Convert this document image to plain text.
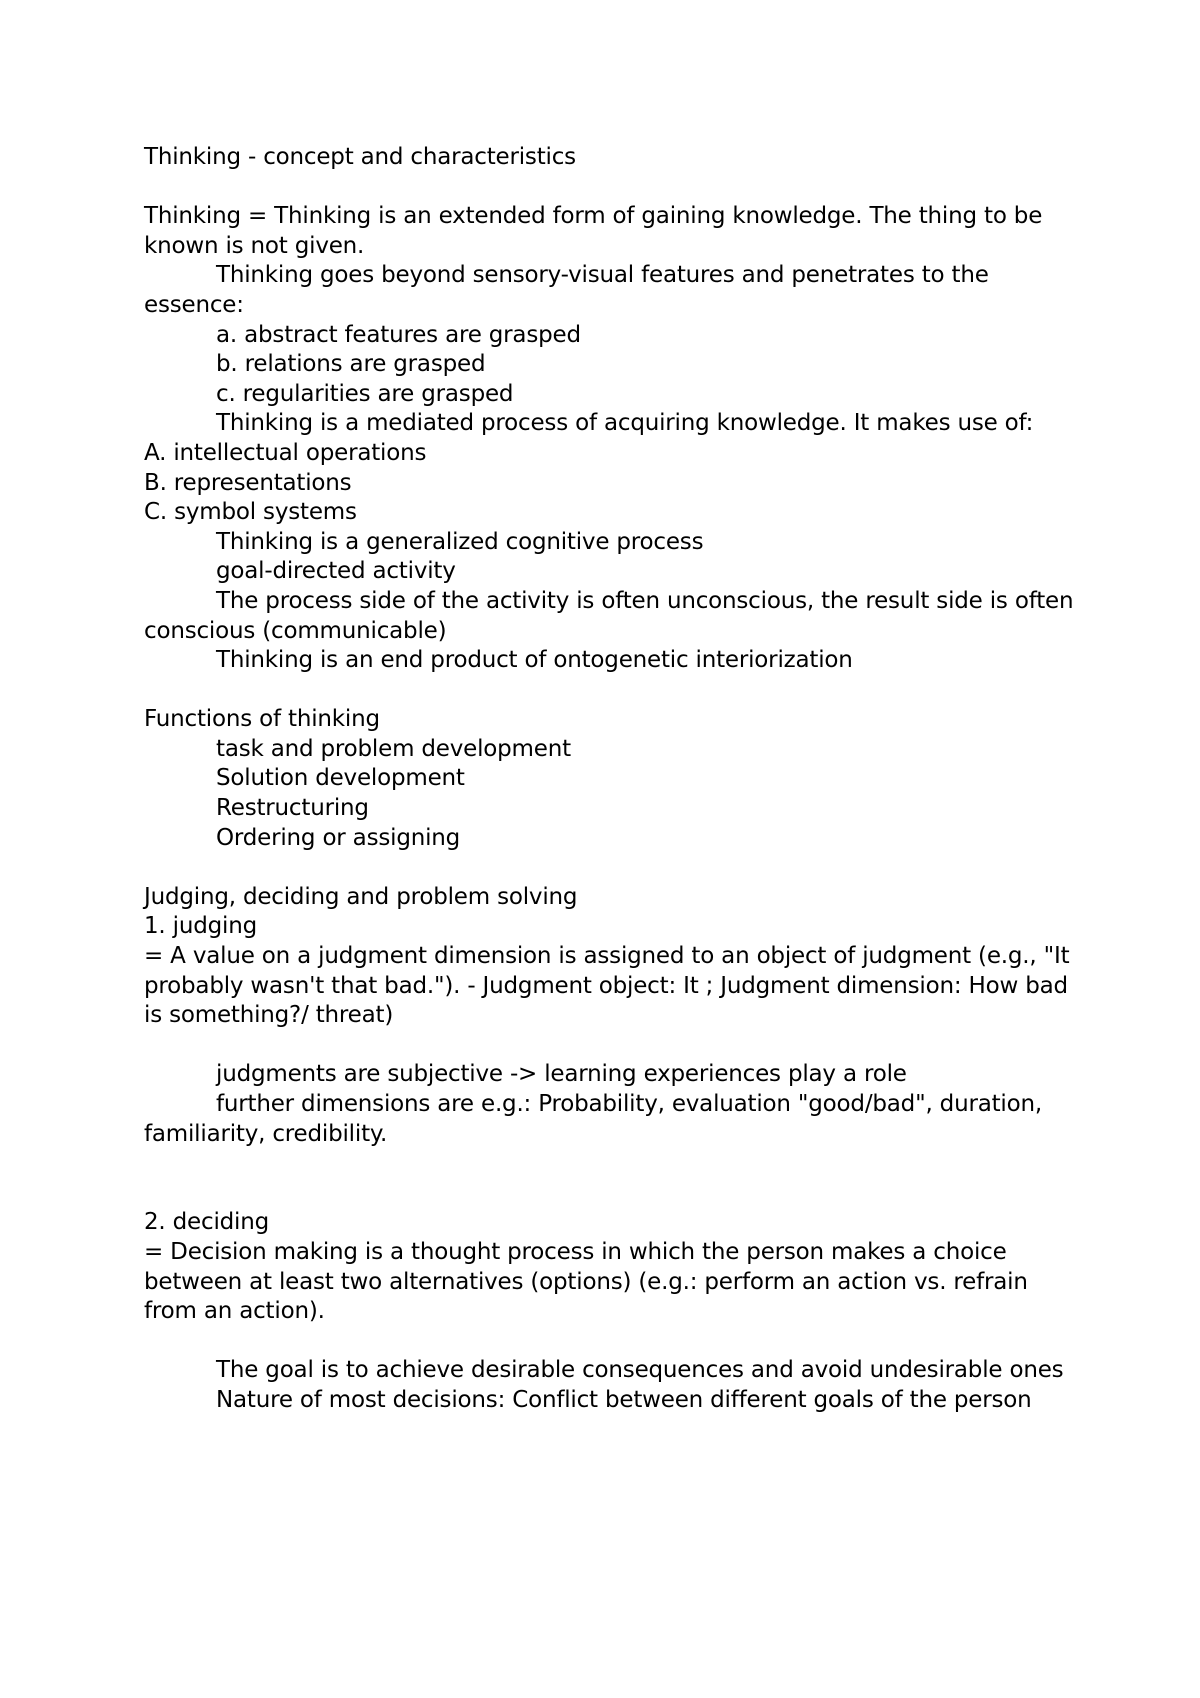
Thinking - concept and characteristics

Thinking = Thinking is an extended form of gaining knowledge. The thing to be known is not given.

Thinking goes beyond sensory-visual features and penetrates to the essence:

a. abstract features are grasped

b. relations are grasped

c. regularities are grasped

Thinking is a mediated process of acquiring knowledge. It makes use of:

A. intellectual operations

B. representations

C. symbol systems

Thinking is a generalized cognitive process

goal-directed activity

The process side of the activity is often unconscious, the result side is often conscious (communicable)

Thinking is an end product of ontogenetic interiorization

Functions of thinking

task and problem development

Solution development

Restructuring

Ordering or assigning

Judging, deciding and problem solving

1. judging

= A value on a judgment dimension is assigned to an object of judgment (e.g., "It probably wasn't that bad."). - Judgment object: It ; Judgment dimension: How bad is something?/ threat)

judgments are subjective -> learning experiences play a role

further dimensions are e.g.: Probability, evaluation "good/bad", duration, familiarity, credibility.

2. deciding

= Decision making is a thought process in which the person makes a choice between at least two alternatives (options) (e.g.: perform an action vs. refrain from an action).

The goal is to achieve desirable consequences and avoid undesirable ones

Nature of most decisions: Conflict between different goals of the person
